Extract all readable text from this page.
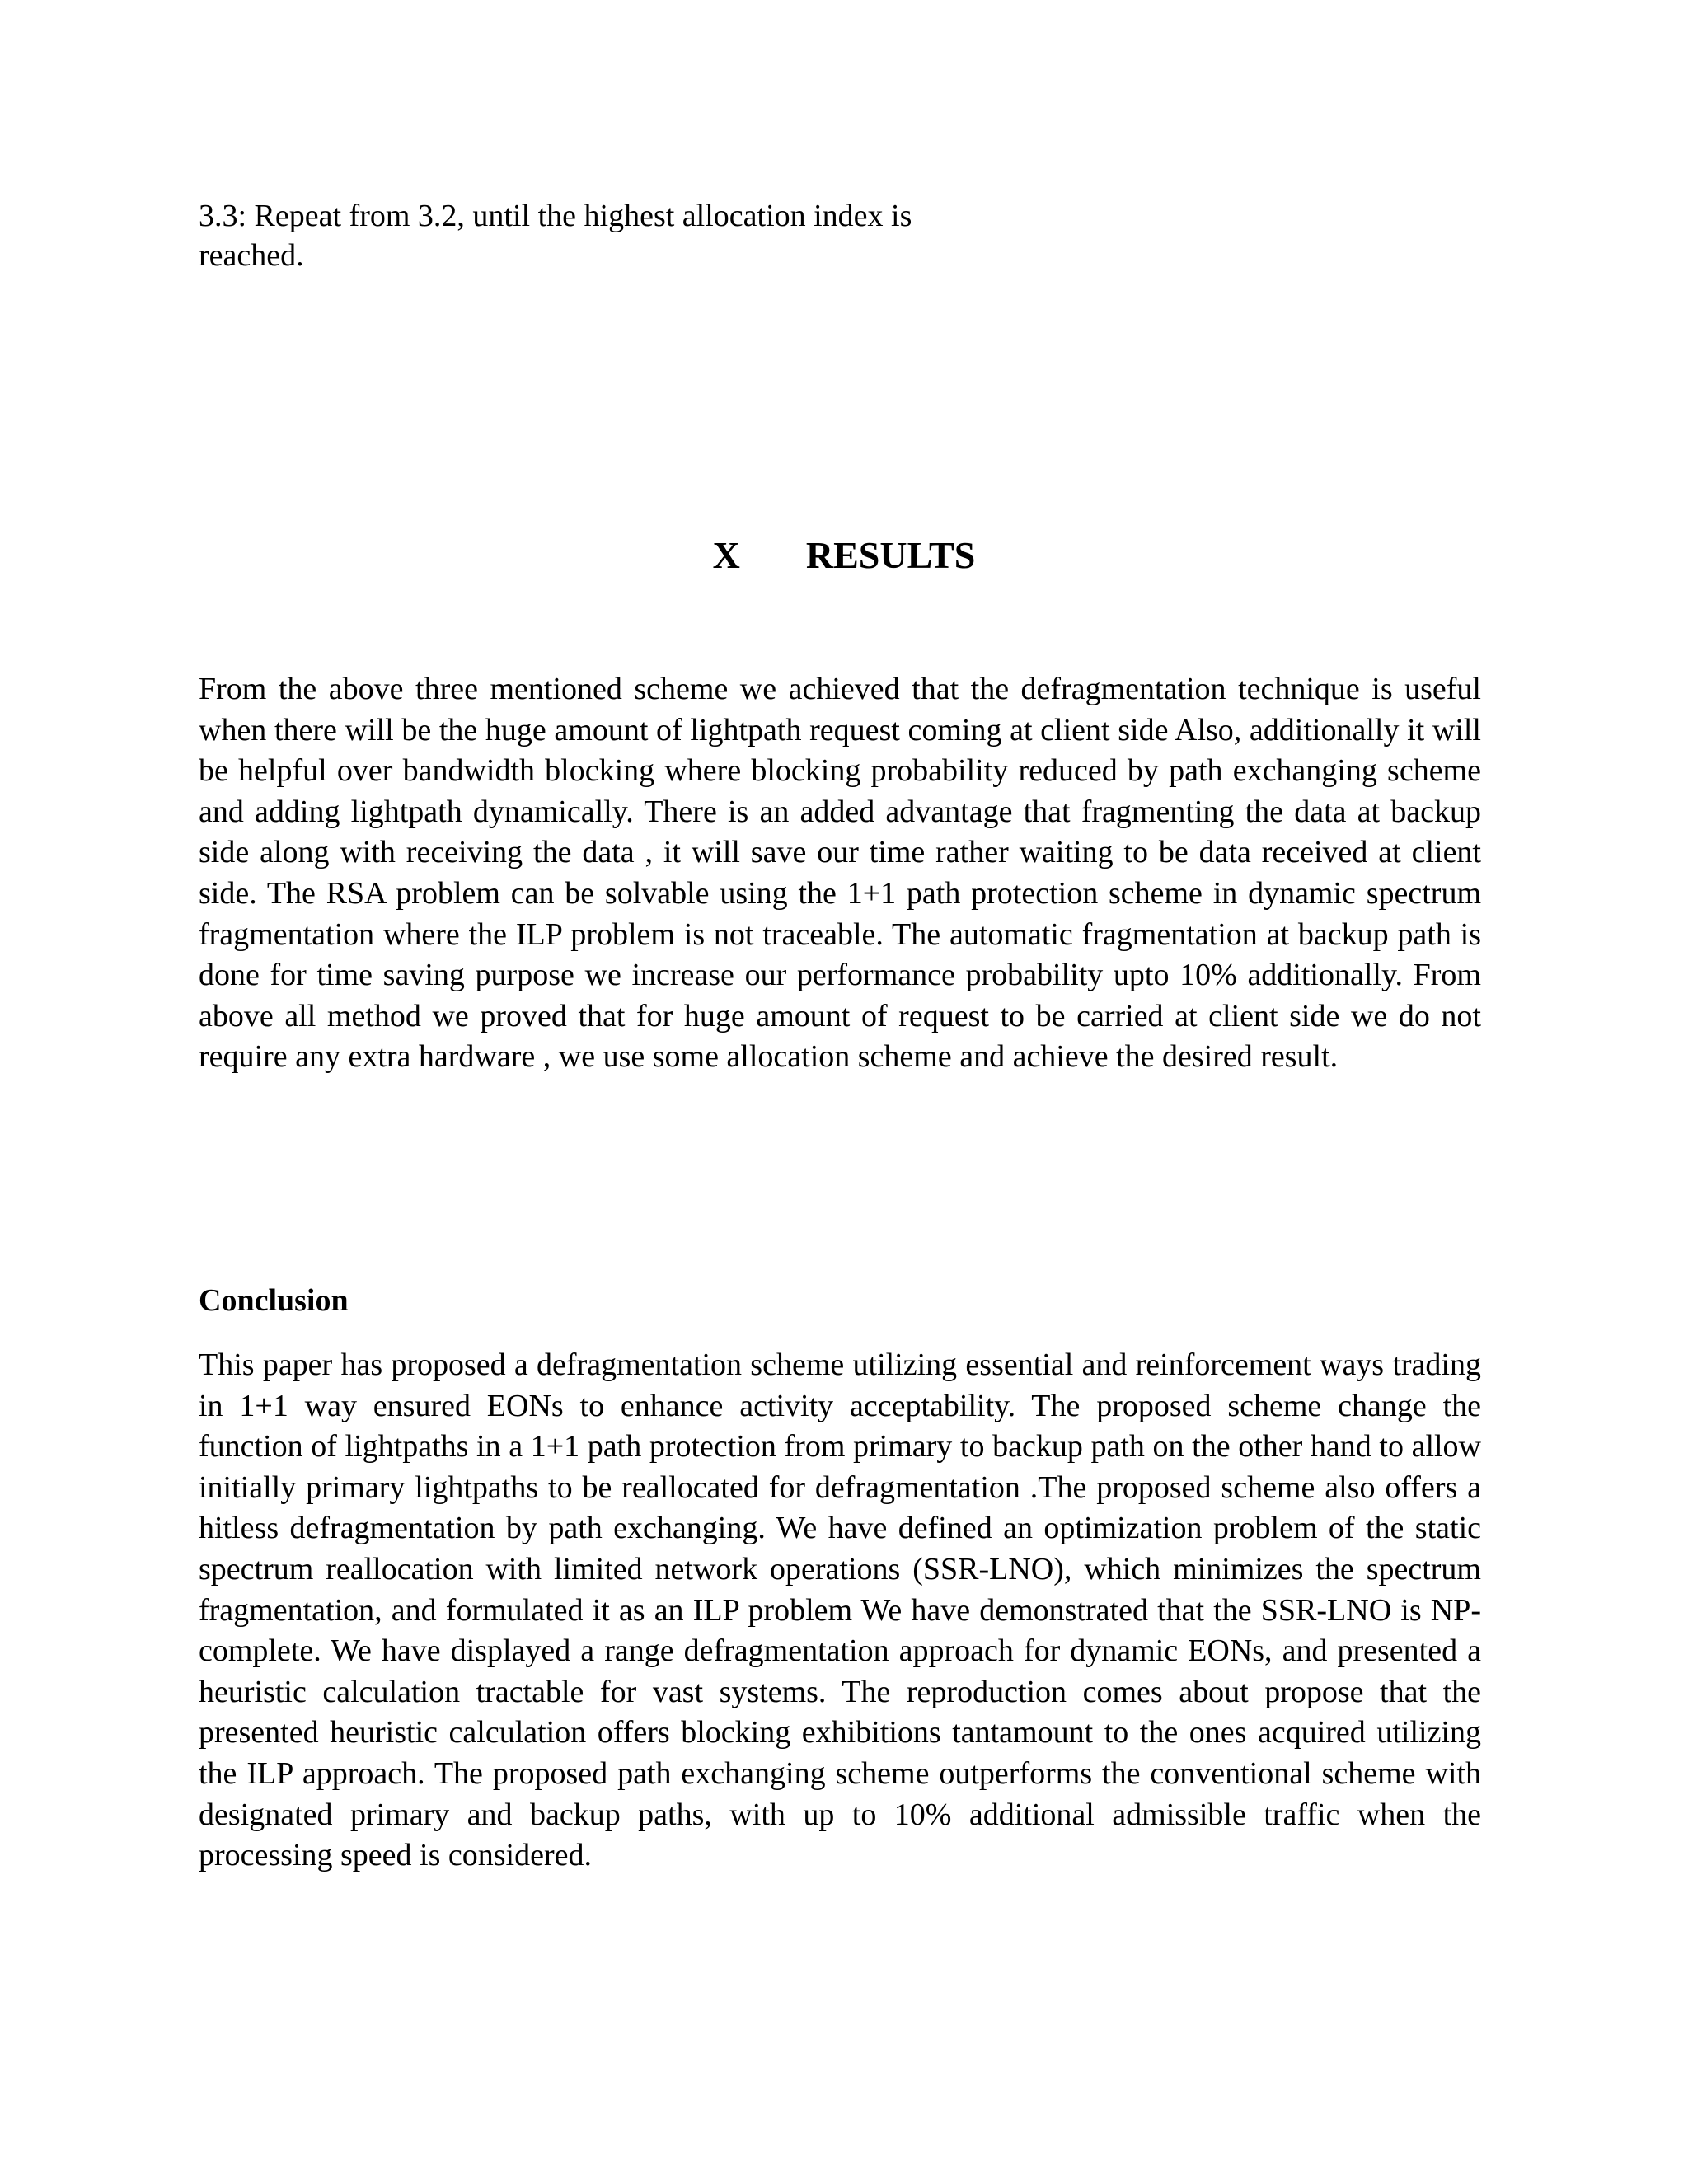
3.3: Repeat from 3.2, until the highest allocation index is reached.

X RESULTS

From the above three mentioned scheme we achieved that the defragmentation technique is useful when there will be the huge amount of lightpath request coming at client side Also, additionally it will be helpful over bandwidth blocking where blocking probability reduced by path exchanging scheme and adding lightpath dynamically. There is an added advantage that fragmenting the data at backup side along with receiving the data , it will save our time rather waiting to be data received at client side. The RSA problem can be solvable using the 1+1 path protection scheme in dynamic spectrum fragmentation where the ILP problem is not traceable. The automatic fragmentation at backup path is done for time saving purpose we increase our performance probability upto 10% additionally. From above all method we proved that for huge amount of request to be carried at client side we do not require any extra hardware , we use some allocation scheme and achieve the desired result.

Conclusion

This paper has proposed a defragmentation scheme utilizing essential and reinforcement ways trading in 1+1 way ensured EONs to enhance activity acceptability. The proposed scheme change the function of lightpaths in a 1+1 path protection from primary to backup path on the other hand to allow initially primary lightpaths to be reallocated for defragmentation .The proposed scheme also offers a hitless defragmentation by path exchanging. We have defined an optimization problem of the static spectrum reallocation with limited network operations (SSR-LNO), which minimizes the spectrum fragmentation, and formulated it as an ILP problem We have demonstrated that the SSR-LNO is NP-complete. We have displayed a range defragmentation approach for dynamic EONs, and presented a heuristic calculation tractable for vast systems. The reproduction comes about propose that the presented heuristic calculation offers blocking exhibitions tantamount to the ones acquired utilizing the ILP approach. The proposed path exchanging scheme outperforms the conventional scheme with designated primary and backup paths, with up to 10% additional admissible traffic when the processing speed is considered.
